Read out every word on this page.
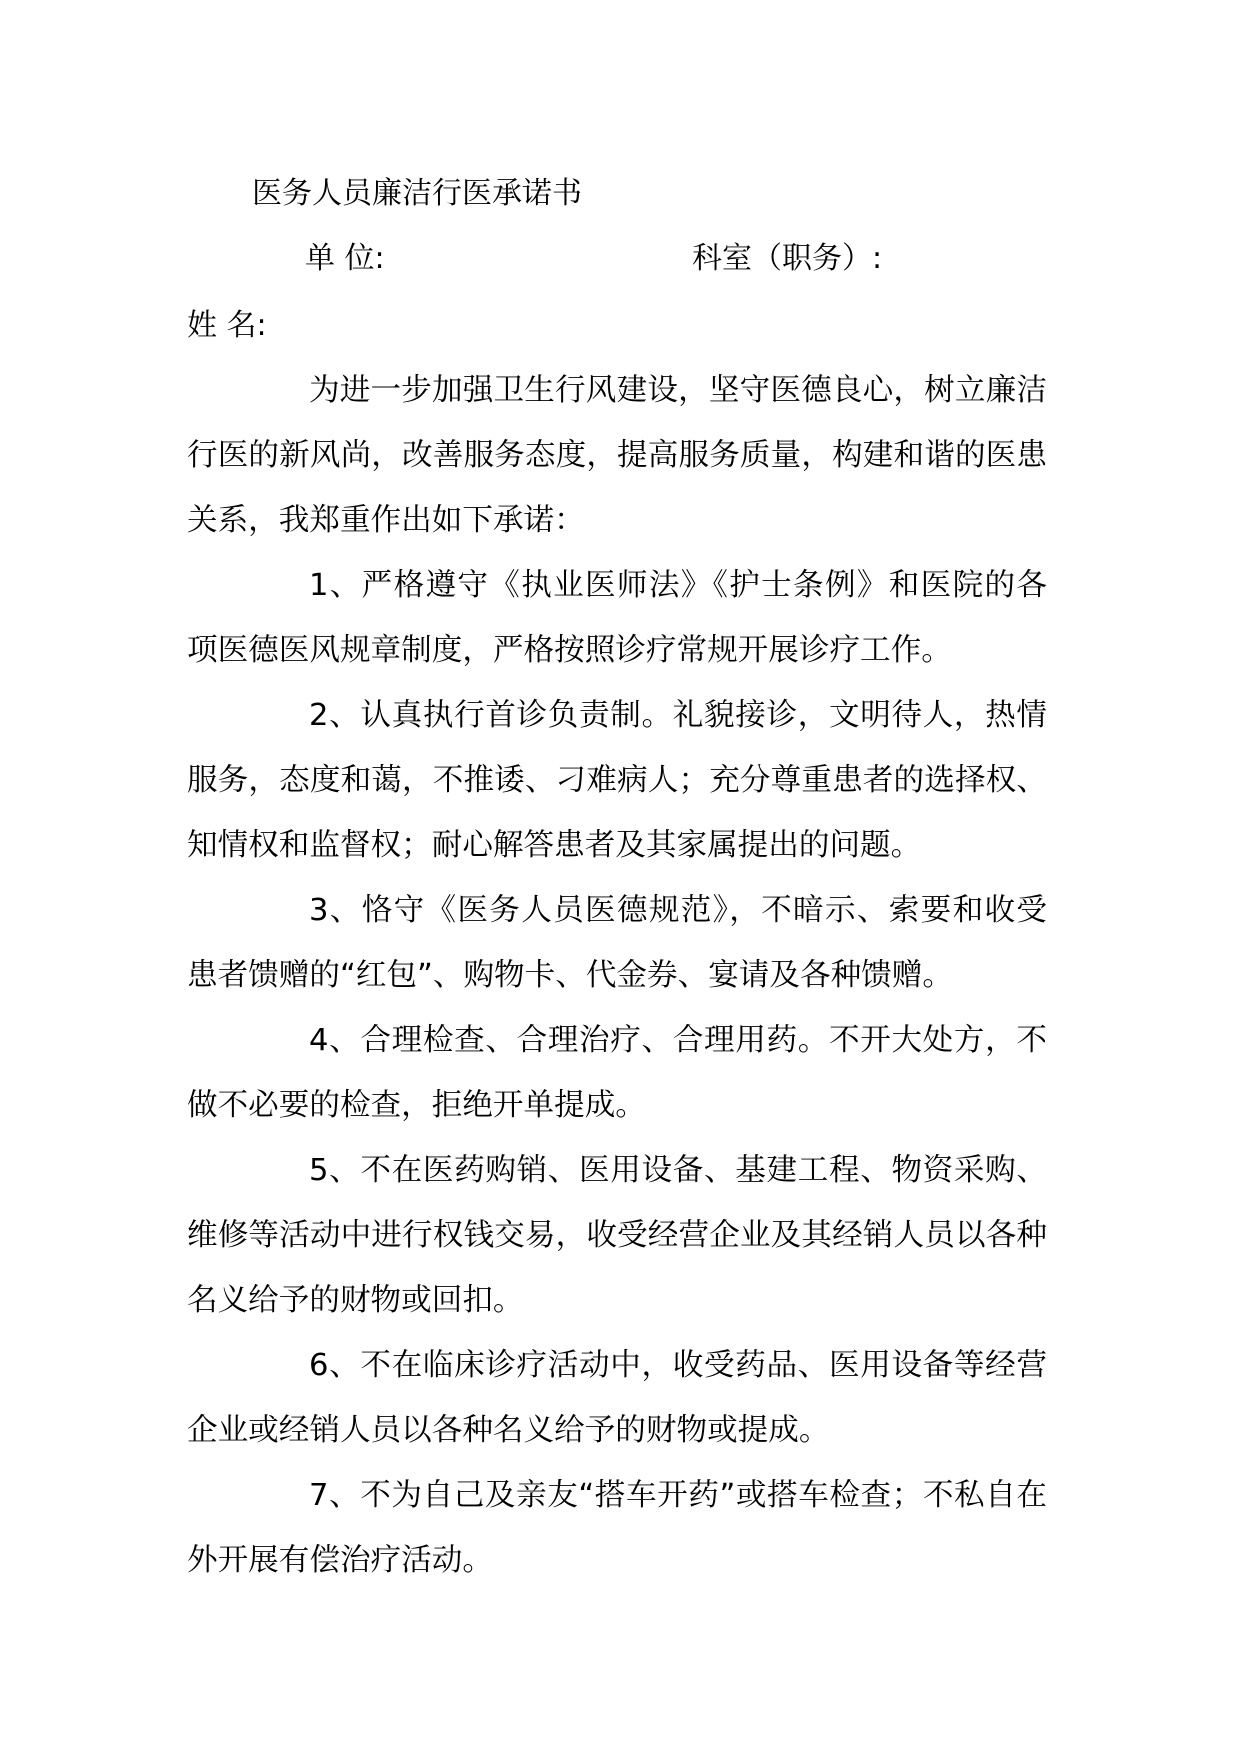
医务人员廉洁行医承诺书
单 位:	科室（职务）:
姓 名:

为进一步加强卫生行风建设，坚守医德良心，树立廉洁行医的新风尚，改善服务态度，提高服务质量，构建和谐的医患关系，我郑重作出如下承诺：

1、严格遵守《执业医师法》《护士条例》和医院的各项医德医风规章制度，严格按照诊疗常规开展诊疗工作。

2、认真执行首诊负责制。礼貌接诊，文明待人，热情服务，态度和蔼，不推诿、刁难病人；充分尊重患者的选择权、知情权和监督权；耐心解答患者及其家属提出的问题。

3、恪守《医务人员医德规范》，不暗示、索要和收受患者馈赠的“红包”、购物卡、代金券、宴请及各种馈赠。

4、合理检查、合理治疗、合理用药。不开大处方，不做不必要的检查，拒绝开单提成。

5、不在医药购销、医用设备、基建工程、物资采购、维修等活动中进行权钱交易，收受经营企业及其经销人员以各种名义给予的财物或回扣。

6、不在临床诊疗活动中，收受药品、医用设备等经营企业或经销人员以各种名义给予的财物或提成。

7、不为自己及亲友“搭车开药”或搭车检查；不私自在外开展有偿治疗活动。
